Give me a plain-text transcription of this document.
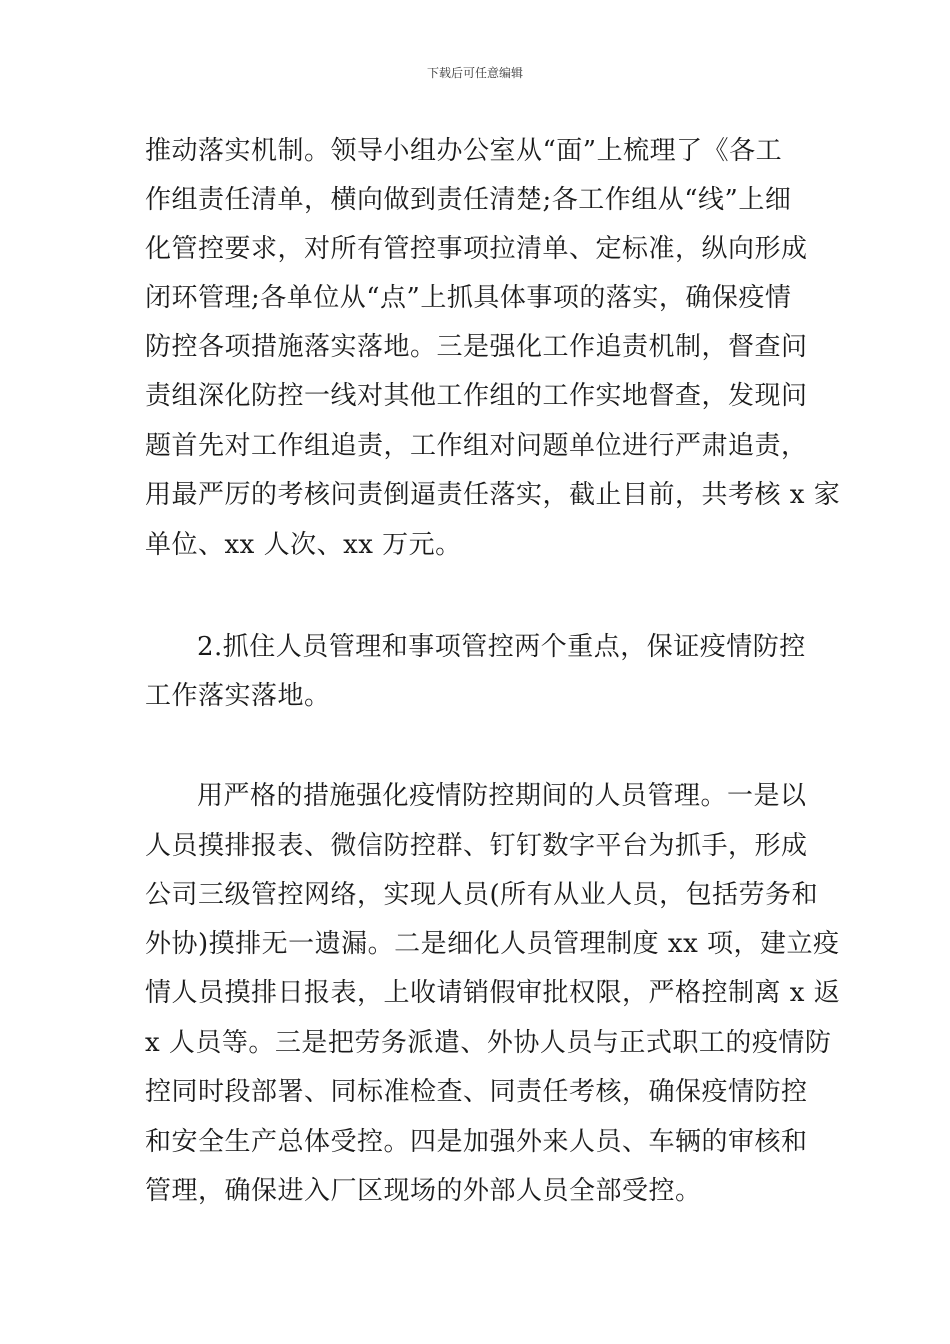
下载后可任意编辑
推动落实机制。领导小组办公室从“面”上梳理了《各工
作组责任清单，横向做到责任清楚;各工作组从“线”上细
化管控要求，对所有管控事项拉清单、定标准，纵向形成
闭环管理;各单位从“点”上抓具体事项的落实，确保疫情
防控各项措施落实落地。三是强化工作追责机制，督查问
责组深化防控一线对其他工作组的工作实地督查，发现问
题首先对工作组追责，工作组对问题单位进行严肃追责，
用最严厉的考核问责倒逼责任落实，截止目前，共考核 x 家
单位、xx 人次、xx 万元。
2.抓住人员管理和事项管控两个重点，保证疫情防控
工作落实落地。
用严格的措施强化疫情防控期间的人员管理。一是以
人员摸排报表、微信防控群、钉钉数字平台为抓手，形成
公司三级管控网络，实现人员(所有从业人员，包括劳务和
外协)摸排无一遗漏。二是细化人员管理制度 xx 项，建立疫
情人员摸排日报表，上收请销假审批权限，严格控制离 x 返
x 人员等。三是把劳务派遣、外协人员与正式职工的疫情防
控同时段部署、同标准检查、同责任考核，确保疫情防控
和安全生产总体受控。四是加强外来人员、车辆的审核和
管理，确保进入厂区现场的外部人员全部受控。
